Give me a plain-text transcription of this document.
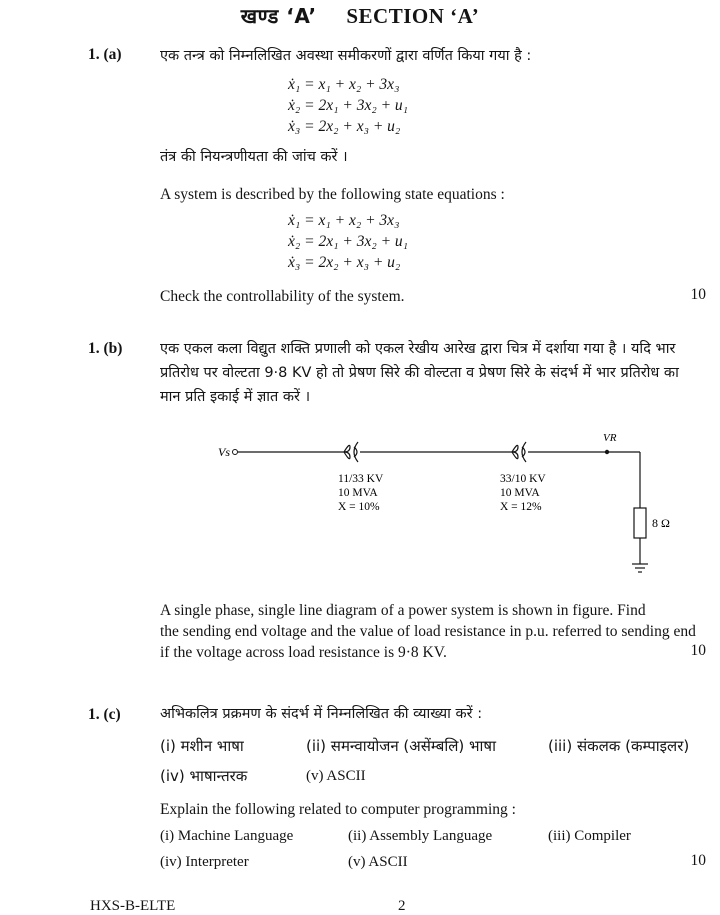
खण्ड ‘A’ SECTION ‘A’
1. (a)	एक तन्त्र को निम्नलिखित अवस्था समीकरणों द्वारा वर्णित किया गया है :
ẋ₁ = x₁ + x₂ + 3x₃
ẋ₂ = 2x₁ + 3x₂ + u₁
ẋ₃ = 2x₂ + x₃ + u₂
तंत्र की नियन्त्रणीयता की जांच करें ।
A system is described by the following state equations :
ẋ₁ = x₁ + x₂ + 3x₃
ẋ₂ = 2x₁ + 3x₂ + u₁
ẋ₃ = 2x₂ + x₃ + u₂
Check the controllability of the system.	10
1. (b)	एक एकल कला विद्युत शक्ति प्रणाली को एकल रेखीय आरेख द्वारा चित्र में दर्शाया गया है । यदि भार
प्रतिरोध पर वोल्टता 9·8 KV हो तो प्रेषण सिरे की वोल्टता व प्रेषण सिरे के संदर्भ में भार प्रतिरोध का
मान प्रति इकाई में ज्ञात करें ।
Vs
VR
8 Ω
11/33 KV
10 MVA
X = 10%
33/10 KV
10 MVA
X = 12%
A single phase, single line diagram of a power system is shown in figure. Find
the sending end voltage and the value of load resistance in p.u. referred to sending end
if the voltage across load resistance is 9·8 KV.	10
1. (c)	अभिकलित्र प्रक्रमण के संदर्भ में निम्नलिखित की व्याख्या करें :
(i) मशीन भाषा	(ii) समन्वायोजन (असेंम्बलि) भाषा	(iii) संकलक (कम्पाइलर)
(iv) भाषान्तरक	(v) ASCII
Explain the following related to computer programming :
(i) Machine Language	(ii) Assembly Language	(iii) Compiler
(iv) Interpreter	(v) ASCII	10
HXS-B-ELTE	2
